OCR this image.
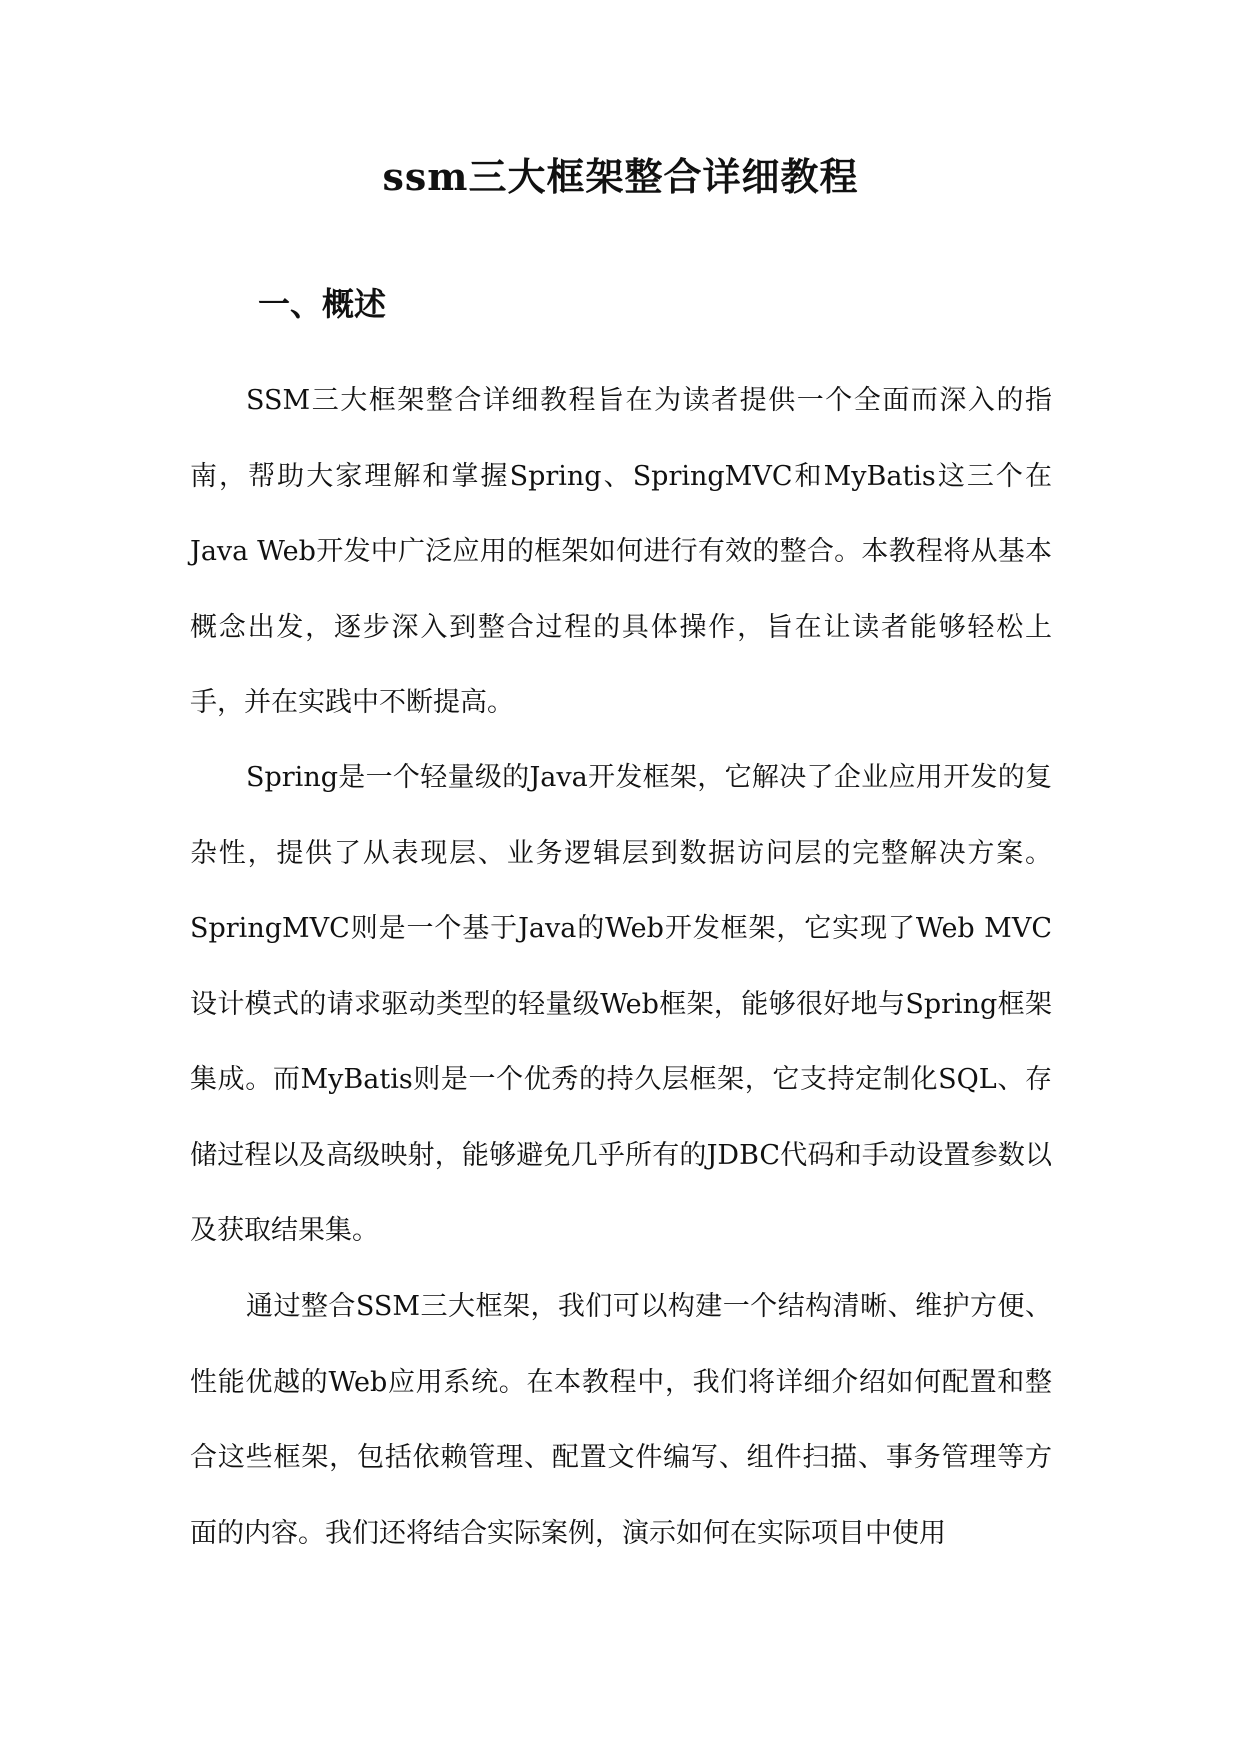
ssm三大框架整合详细教程
一、概述

SSM三大框架整合详细教程旨在为读者提供一个全面而深入的指南，帮助大家理解和掌握Spring、SpringMVC和MyBatis这三个在Java Web开发中广泛应用的框架如何进行有效的整合。本教程将从基本概念出发，逐步深入到整合过程的具体操作，旨在让读者能够轻松上手，并在实践中不断提高。

Spring是一个轻量级的Java开发框架，它解决了企业应用开发的复杂性，提供了从表现层、业务逻辑层到数据访问层的完整解决方案。SpringMVC则是一个基于Java的Web开发框架，它实现了Web MVC设计模式的请求驱动类型的轻量级Web框架，能够很好地与Spring框架集成。而MyBatis则是一个优秀的持久层框架，它支持定制化SQL、存储过程以及高级映射，能够避免几乎所有的JDBC代码和手动设置参数以及获取结果集。

通过整合SSM三大框架，我们可以构建一个结构清晰、维护方便、性能优越的Web应用系统。在本教程中，我们将详细介绍如何配置和整合这些框架，包括依赖管理、配置文件编写、组件扫描、事务管理等方面的内容。我们还将结合实际案例，演示如何在实际项目中使用
